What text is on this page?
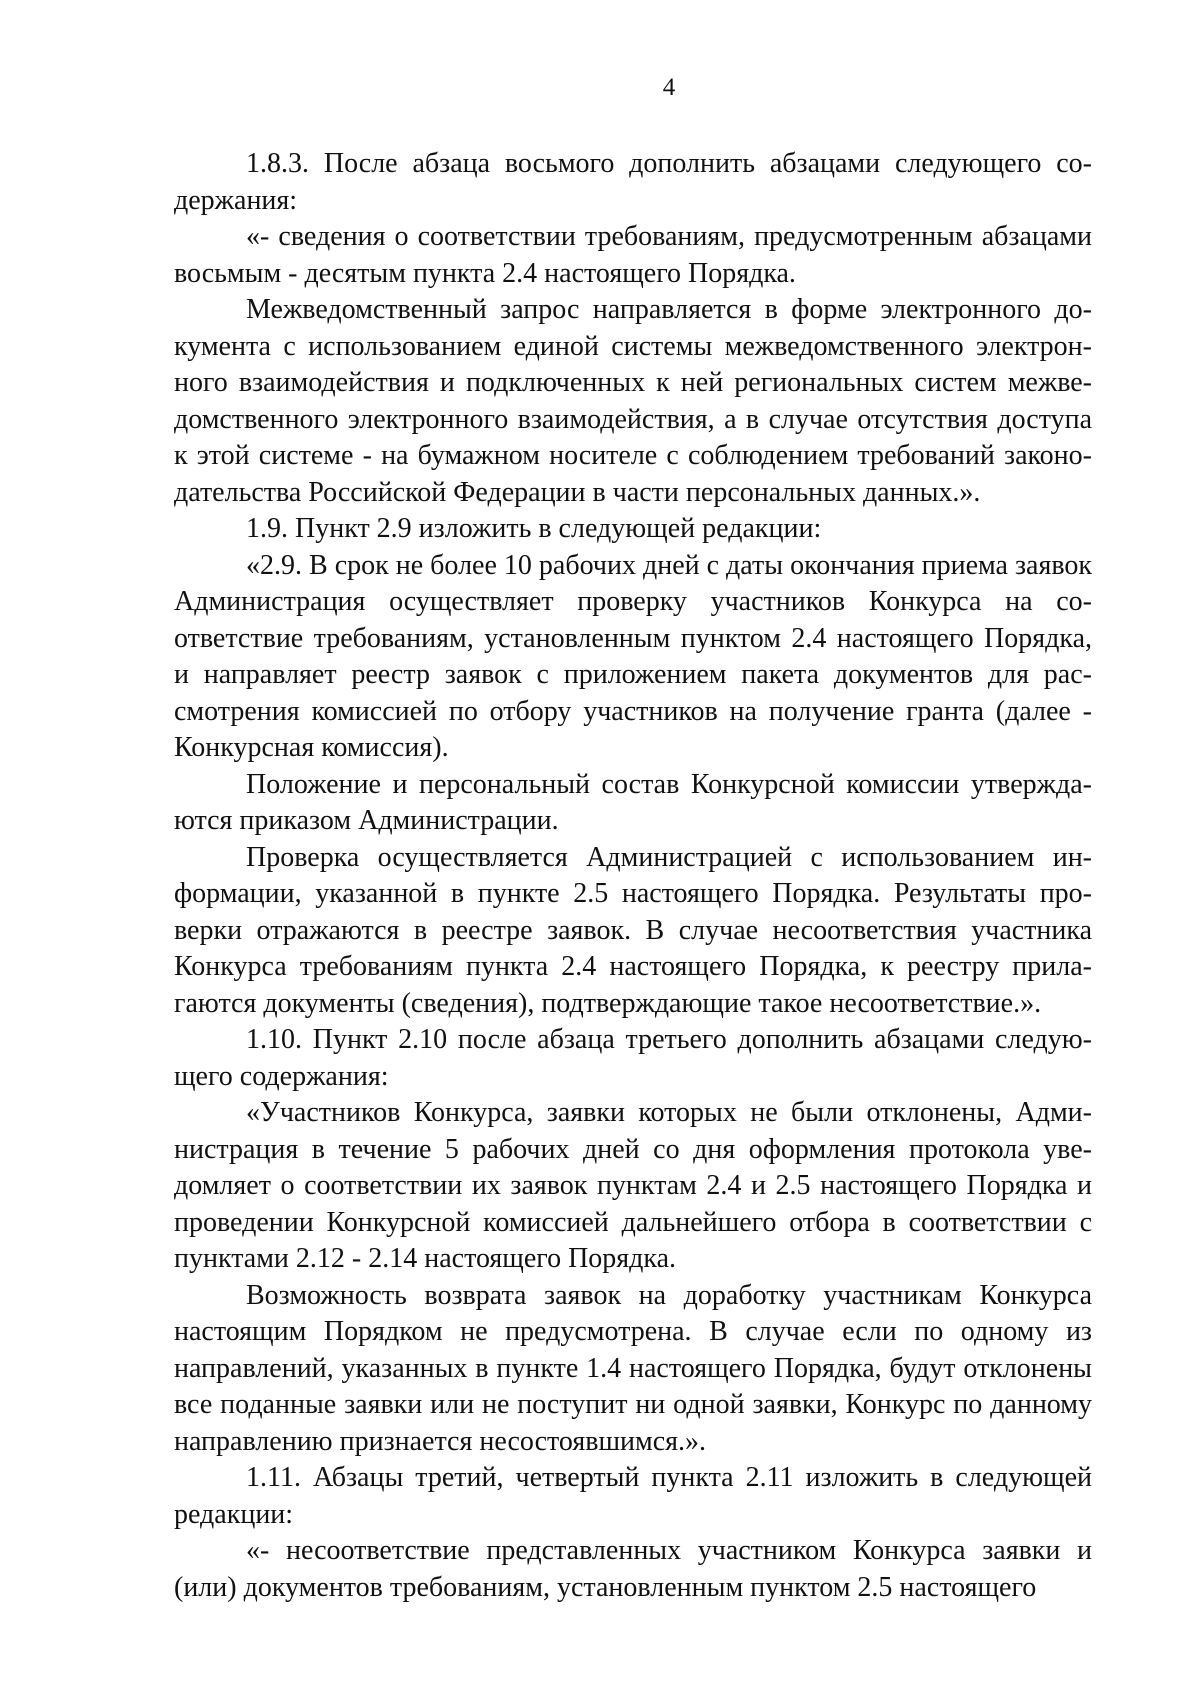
4

1.8.3. После абзаца восьмого дополнить абзацами следующего содержания:

«- сведения о соответствии требованиям, предусмотренным абзацами восьмым - десятым пункта 2.4 настоящего Порядка.

Межведомственный запрос направляется в форме электронного документа с использованием единой системы межведомственного электронного взаимодействия и подключенных к ней региональных систем межведомственного электронного взаимодействия, а в случае отсутствия доступа к этой системе - на бумажном носителе с соблюдением требований законодательства Российской Федерации в части персональных данных.».

1.9. Пункт 2.9 изложить в следующей редакции:

«2.9. В срок не более 10 рабочих дней с даты окончания приема заявок Администрация осуществляет проверку участников Конкурса на соответствие требованиям, установленным пунктом 2.4 настоящего Порядка, и направляет реестр заявок с приложением пакета документов для рассмотрения комиссией по отбору участников на получение гранта (далее - Конкурсная комиссия).

Положение и персональный состав Конкурсной комиссии утверждаются приказом Администрации.

Проверка осуществляется Администрацией с использованием информации, указанной в пункте 2.5 настоящего Порядка. Результаты проверки отражаются в реестре заявок. В случае несоответствия участника Конкурса требованиям пункта 2.4 настоящего Порядка, к реестру прилагаются документы (сведения), подтверждающие такое несоответствие.».

1.10. Пункт 2.10 после абзаца третьего дополнить абзацами следующего содержания:

«Участников Конкурса, заявки которых не были отклонены, Администрация в течение 5 рабочих дней со дня оформления протокола уведомляет о соответствии их заявок пунктам 2.4 и 2.5 настоящего Порядка и проведении Конкурсной комиссией дальнейшего отбора в соответствии с пунктами 2.12 - 2.14 настоящего Порядка.

Возможность возврата заявок на доработку участникам Конкурса настоящим Порядком не предусмотрена. В случае если по одному из направлений, указанных в пункте 1.4 настоящего Порядка, будут отклонены все поданные заявки или не поступит ни одной заявки, Конкурс по данному направлению признается несостоявшимся.».

1.11. Абзацы третий, четвертый пункта 2.11 изложить в следующей редакции:

«- несоответствие представленных участником Конкурса заявки и (или) документов требованиям, установленным пунктом 2.5 настоящего
